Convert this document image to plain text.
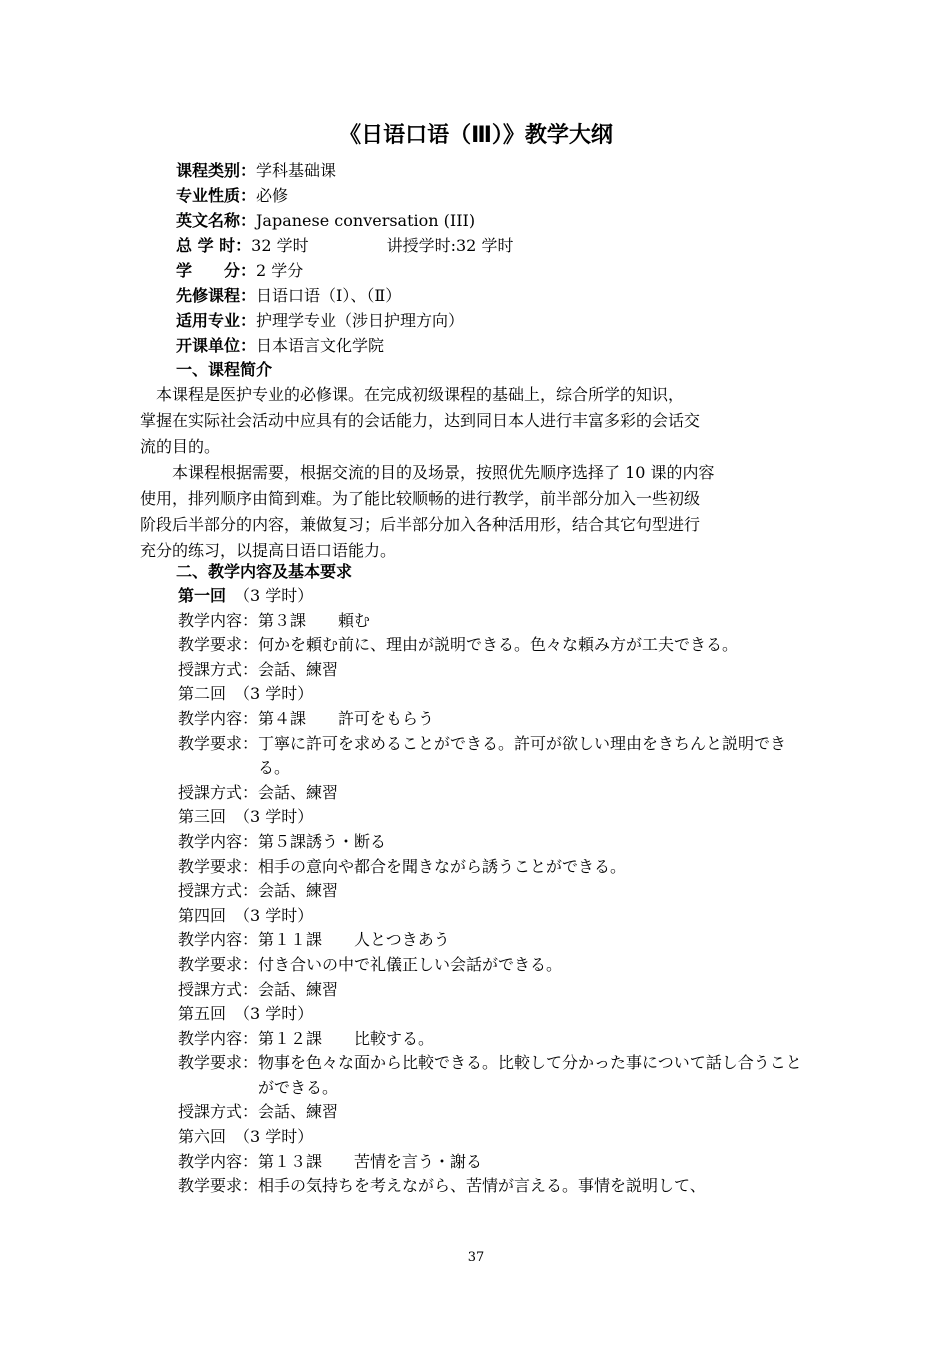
《日语口语（Ⅲ）》教学大纲
课程类别：学科基础课
专业性质：必修
英文名称：Japanese conversation (III)
总 学 时：32 学时	讲授学时:32 学时
学　　分：2 学分
先修课程：日语口语（Ⅰ）、（Ⅱ）
适用专业：护理学专业（涉日护理方向）
开课单位：日本语言文化学院
一、课程简介
　本课程是医护专业的必修课。在完成初级课程的基础上，综合所学的知识，
掌握在实际社会活动中应具有的会话能力，达到同日本人进行丰富多彩的会话交
流的目的。
　　本课程根据需要，根据交流的目的及场景，按照优先顺序选择了 10 课的内容
使用，排列顺序由简到难。为了能比较顺畅的进行教学，前半部分加入一些初级
阶段后半部分的内容，兼做复习；后半部分加入各种活用形，结合其它句型进行
充分的练习，以提高日语口语能力。
二、教学内容及基本要求
第一回　 （3 学时）
教学内容： 第３課　　頼む
教学要求： 何かを頼む前に、理由が説明できる。色々な頼み方が工夫できる。
授課方式： 会話、練習
第二回　 （3 学时）
教学内容： 第４課　　許可をもらう
教学要求： 丁寧に許可を求めることができる。許可が欲しい理由をきちんと説明できる。
授課方式： 会話、練習
第三回　 （3 学时）
教学内容： 第５課誘う・断る
教学要求： 相手の意向や都合を聞きながら誘うことができる。
授課方式： 会話、練習
第四回　 （3 学时）
教学内容： 第１１課　　人とつきあう
教学要求： 付き合いの中で礼儀正しい会話ができる。
授課方式： 会話、練習
第五回　 （3 学时）
教学内容： 第１２課　　比較する。
教学要求： 物事を色々な面から比較できる。比較して分かった事について話し合うことができる。
授課方式： 会話、練習
第六回　 （3 学时）
教学内容： 第１３課　　苦情を言う・謝る
教学要求： 相手の気持ちを考えながら、苦情が言える。事情を説明して、
37
